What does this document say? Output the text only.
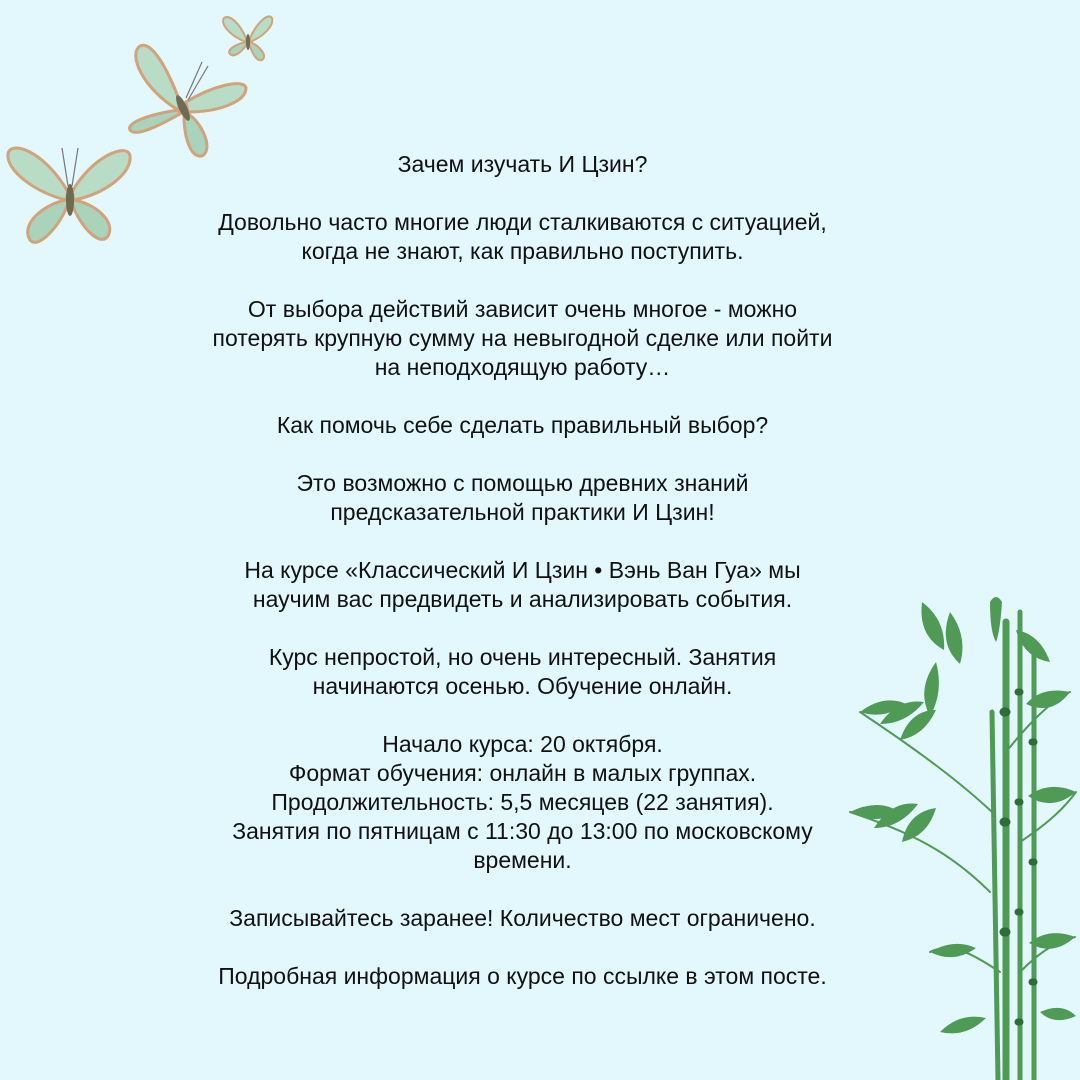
Зачем изучать И Цзин?

Довольно часто многие люди сталкиваются с ситуацией,
когда не знают, как правильно поступить.

От выбора действий зависит очень многое - можно
потерять крупную сумму на невыгодной сделке или пойти
на неподходящую работу…

Как помочь себе сделать правильный выбор?

Это возможно с помощью древних знаний
предсказательной практики И Цзин!

На курсе «Классический И Цзин • Вэнь Ван Гуа» мы
научим вас предвидеть и анализировать события.

Курс непростой, но очень интересный. Занятия
начинаются осенью. Обучение онлайн.

Начало курса: 20 октября.
Формат обучения: онлайн в малых группах.
Продолжительность: 5,5 месяцев (22 занятия).
Занятия по пятницам с 11:30 до 13:00 по московскому
времени.

Записывайтесь заранее! Количество мест ограничено.

Подробная информация о курсе по ссылке в этом посте.
